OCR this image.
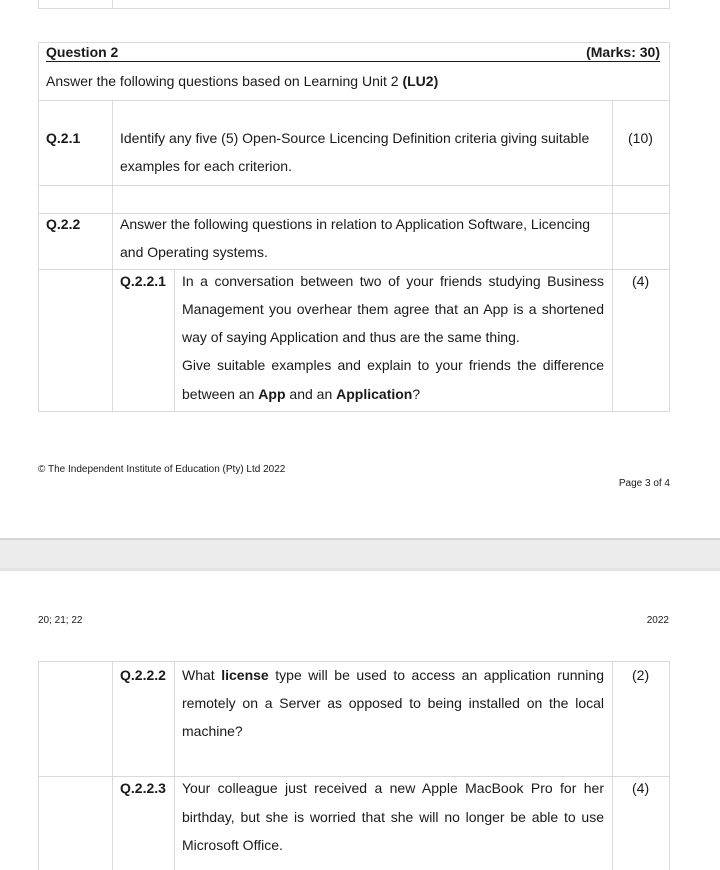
Question 2	(Marks: 30)
Answer the following questions based on Learning Unit 2 (LU2)
Q.2.1	Identify any five (5) Open-Source Licencing Definition criteria giving suitable
examples for each criterion.
(10)
Q.2.2	Answer the following questions in relation to Application Software, Licencing
and Operating systems.
Q.2.2.1 In a conversation between two of your friends studying Business
Management you overhear them agree that an App is a shortened
way of saying Application and thus are the same thing.
Give suitable examples and explain to your friends the difference
between an App and an Application?
(4)
© The Independent Institute of Education (Pty) Ltd 2022
Page 3 of 4
20; 21; 22	2022
Q.2.2.2 What license type will be used to access an application running
remotely on a Server as opposed to being installed on the local
machine?
(2)
Q.2.2.3 Your colleague just received a new Apple MacBook Pro for her
birthday, but she is worried that she will no longer be able to use
Microsoft Office.
(4)
